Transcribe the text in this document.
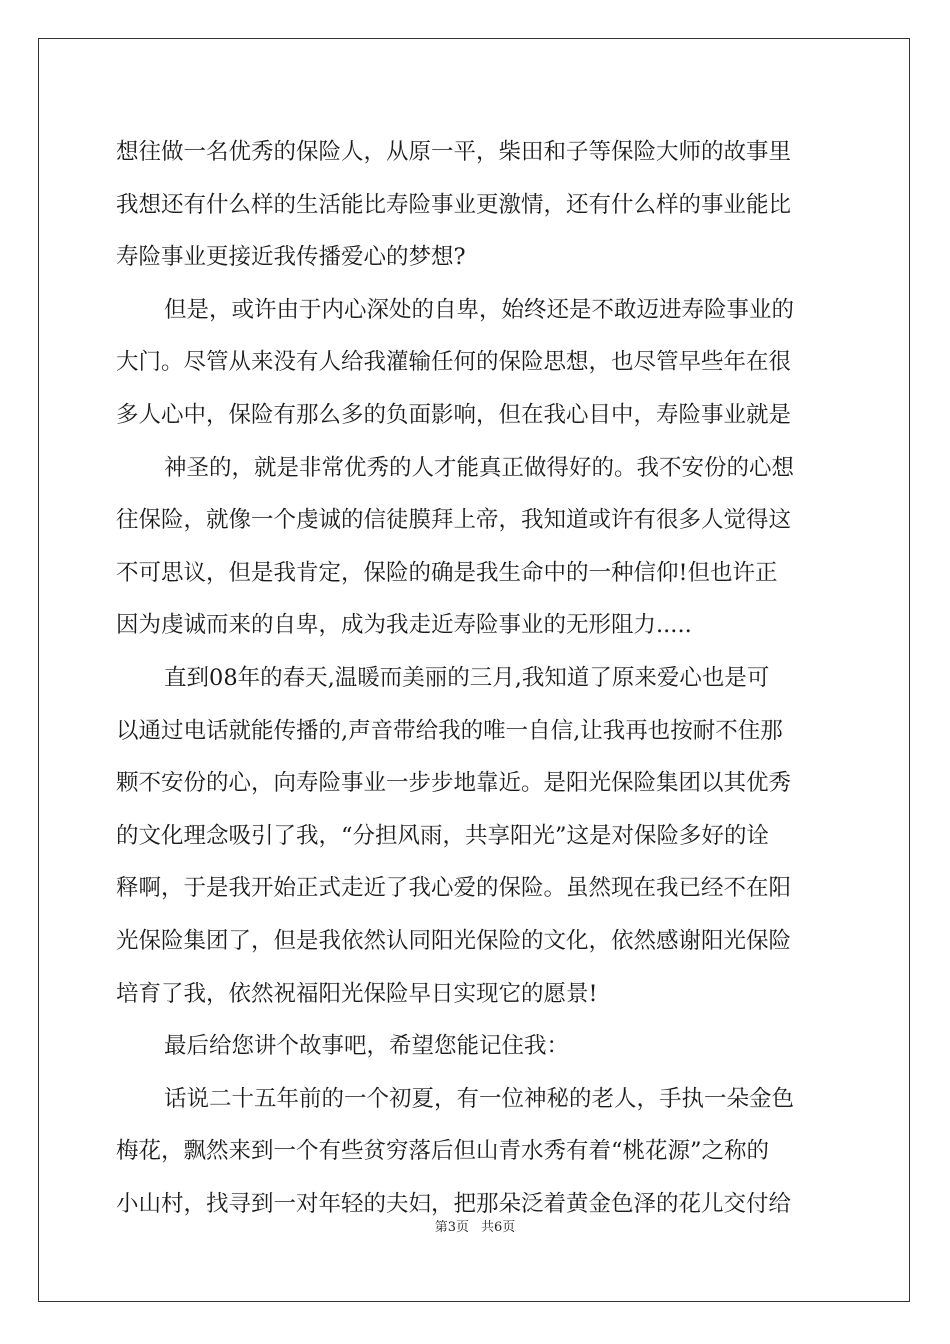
想往做一名优秀的保险人，从原一平，柴田和子等保险大师的故事里
我想还有什么样的生活能比寿险事业更激情，还有什么样的事业能比
寿险事业更接近我传播爱心的梦想?
但是，或许由于内心深处的自卑，始终还是不敢迈进寿险事业的
大门。尽管从来没有人给我灌输任何的保险思想，也尽管早些年在很
多人心中，保险有那么多的负面影响，但在我心目中，寿险事业就是
神圣的，就是非常优秀的人才能真正做得好的。我不安份的心想
往保险，就像一个虔诚的信徒膜拜上帝，我知道或许有很多人觉得这
不可思议，但是我肯定，保险的确是我生命中的一种信仰!但也许正
因为虔诚而来的自卑，成为我走近寿险事业的无形阻力.....
直到08年的春天,温暖而美丽的三月,我知道了原来爱心也是可
以通过电话就能传播的,声音带给我的唯一自信,让我再也按耐不住那
颗不安份的心，向寿险事业一步步地靠近。是阳光保险集团以其优秀
的文化理念吸引了我，“分担风雨，共享阳光”这是对保险多好的诠
释啊，于是我开始正式走近了我心爱的保险。虽然现在我已经不在阳
光保险集团了，但是我依然认同阳光保险的文化，依然感谢阳光保险
培育了我，依然祝福阳光保险早日实现它的愿景!
最后给您讲个故事吧，希望您能记住我：
话说二十五年前的一个初夏，有一位神秘的老人，手执一朵金色
梅花，飘然来到一个有些贫穷落后但山青水秀有着“桃花源”之称的
小山村，找寻到一对年轻的夫妇，把那朵泛着黄金色泽的花儿交付给
第3页 共6页
